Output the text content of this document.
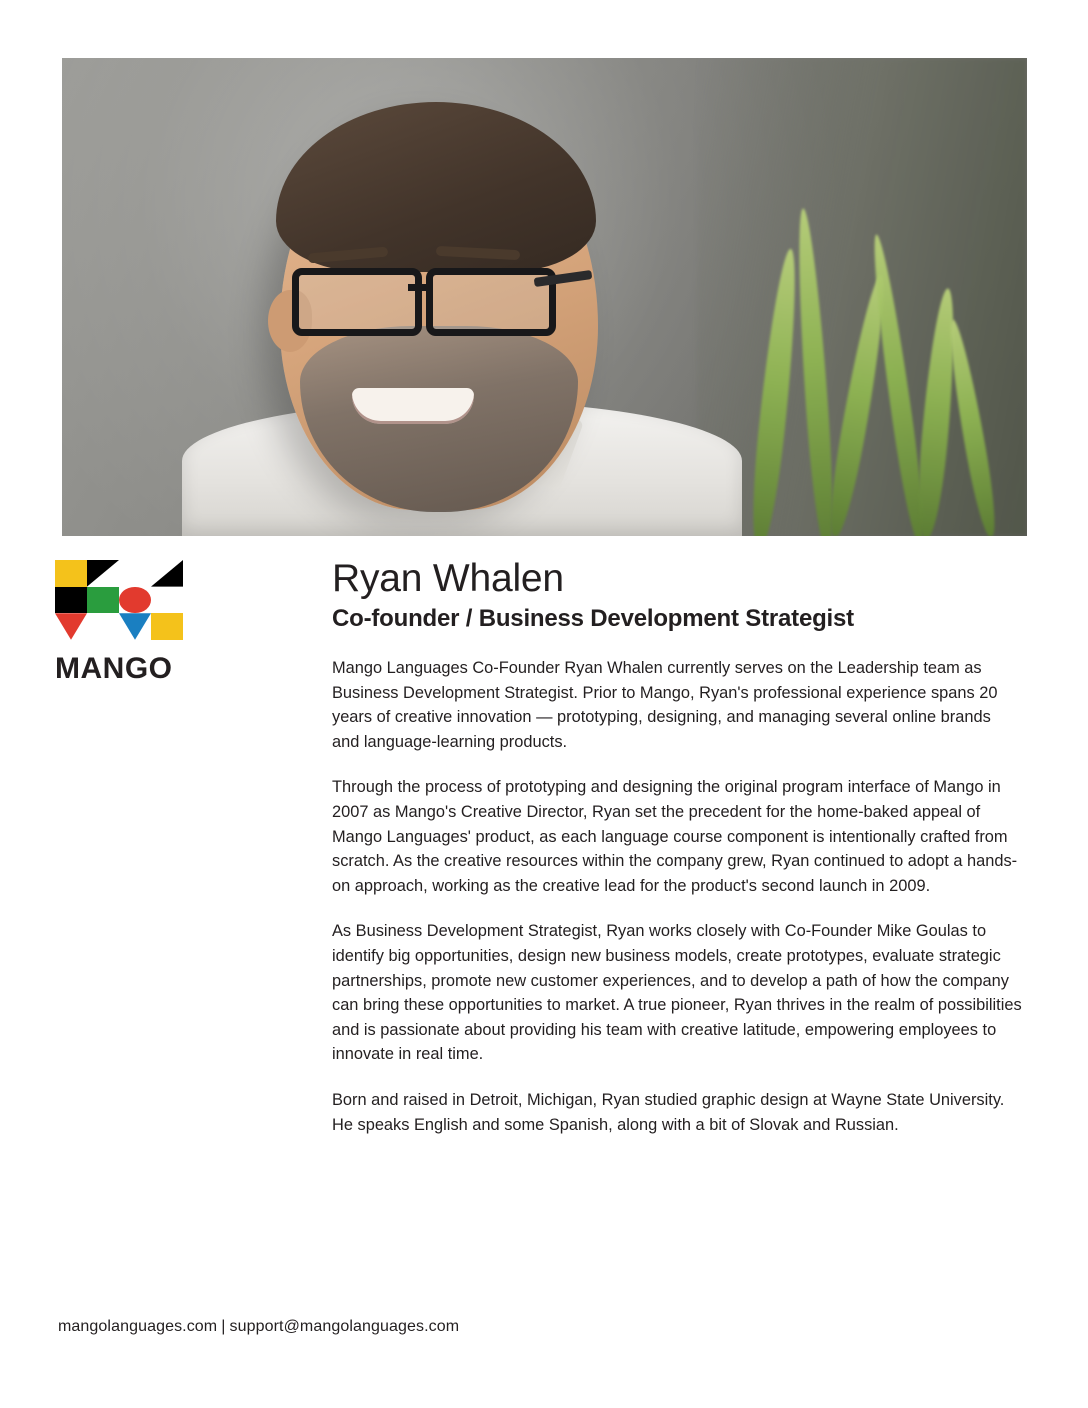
MANGO
Ryan Whalen
Co-founder / Business Development Strategist

Mango Languages Co-Founder Ryan Whalen currently serves on the Leadership team as Business Development Strategist. Prior to Mango, Ryan's professional experience spans 20 years of creative innovation — prototyping, designing, and managing several online brands and language-learning products.

Through the process of prototyping and designing the original program interface of Mango in 2007 as Mango's Creative Director, Ryan set the precedent for the home-baked appeal of Mango Languages' product, as each language course component is intentionally crafted from scratch. As the creative resources within the company grew, Ryan continued to adopt a hands-on approach, working as the creative lead for the product's second launch in 2009.

As Business Development Strategist, Ryan works closely with Co-Founder Mike Goulas to identify big opportunities, design new business models, create prototypes, evaluate strategic partnerships, promote new customer experiences, and to develop a path of how the company can bring these opportunities to market. A true pioneer, Ryan thrives in the realm of possibilities and is passionate about providing his team with creative latitude, empowering employees to innovate in real time.

Born and raised in Detroit, Michigan, Ryan studied graphic design at Wayne State University. He speaks English and some Spanish, along with a bit of Slovak and Russian.

mangolanguages.com | support@mangolanguages.com
